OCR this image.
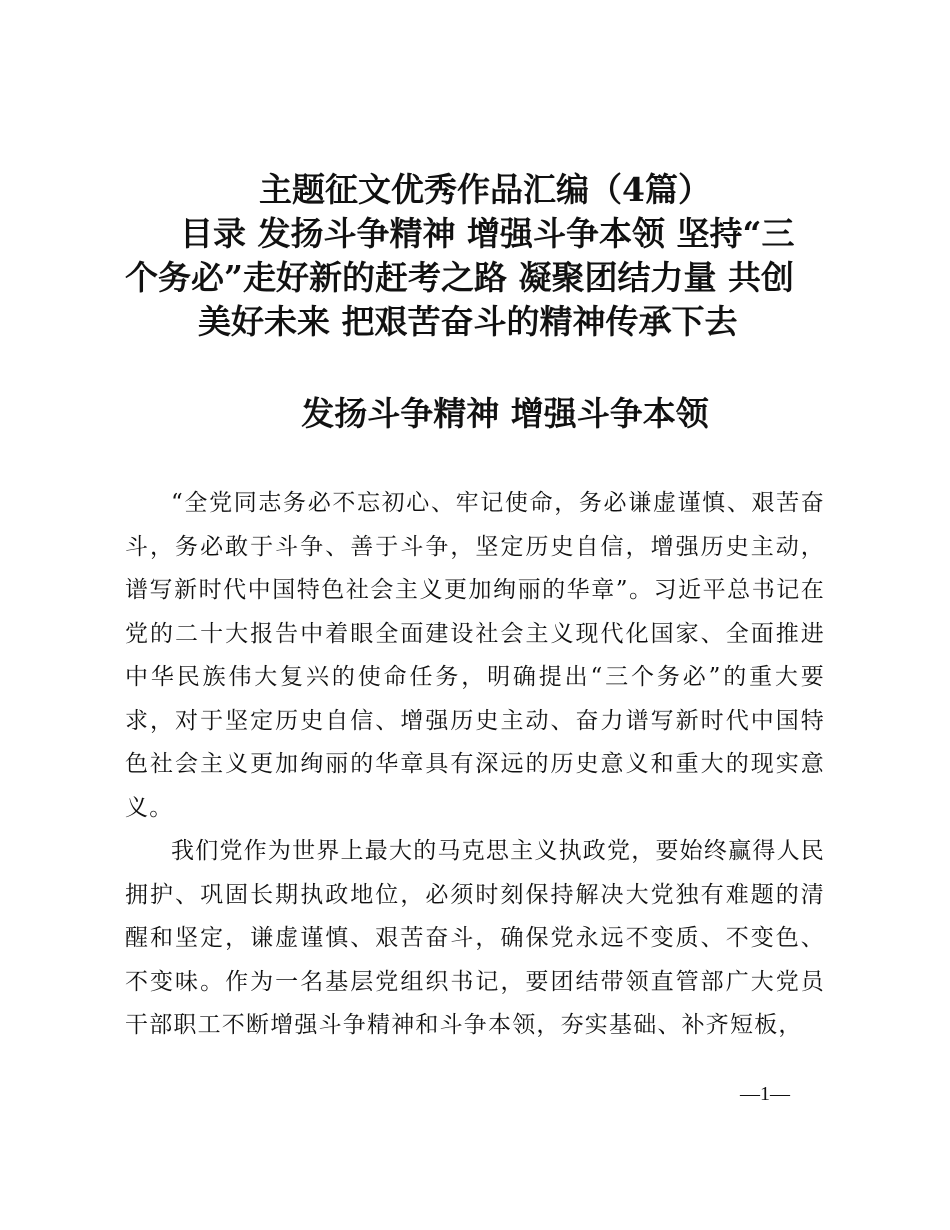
主题征文优秀作品汇编（4篇）
目录 发扬斗争精神 增强斗争本领 坚持“三
个务必”走好新的赶考之路 凝聚团结力量 共创
美好未来 把艰苦奋斗的精神传承下去
发扬斗争精神 增强斗争本领

“全党同志务必不忘初心、牢记使命，务必谦虚谨慎、艰苦奋斗，务必敢于斗争、善于斗争，坚定历史自信，增强历史主动，谱写新时代中国特色社会主义更加绚丽的华章”。习近平总书记在党的二十大报告中着眼全面建设社会主义现代化国家、全面推进中华民族伟大复兴的使命任务，明确提出“三个务必”的重大要求，对于坚定历史自信、增强历史主动、奋力谱写新时代中国特色社会主义更加绚丽的华章具有深远的历史意义和重大的现实意义。

我们党作为世界上最大的马克思主义执政党，要始终赢得人民拥护、巩固长期执政地位，必须时刻保持解决大党独有难题的清醒和坚定，谦虚谨慎、艰苦奋斗，确保党永远不变质、不变色、不变味。作为一名基层党组织书记，要团结带领直管部广大党员干部职工不断增强斗争精神和斗争本领，夯实基础、补齐短板，

—1—
